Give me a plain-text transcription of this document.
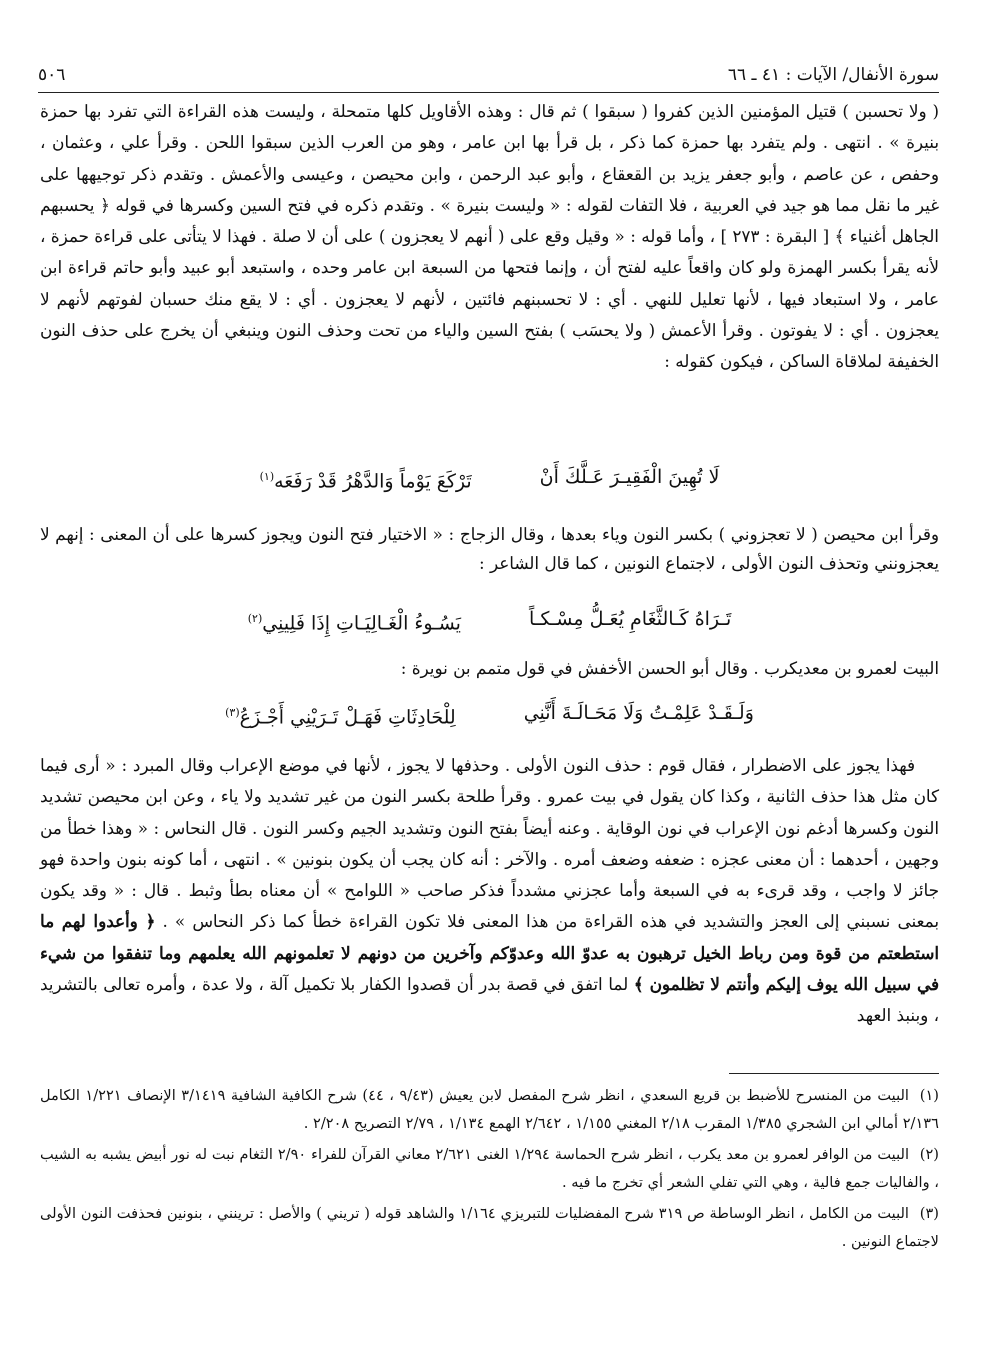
سورة الأنفال/ الآيات : ٤١ ـ ٦٦
٥٠٦

( ولا تحسبن ) قتيل المؤمنين الذين كفروا ( سبقوا ) ثم قال : وهذه الأقاويل كلها متمحلة ، وليست هذه القراءة التي تفرد بها حمزة بنيرة » . انتهى . ولم يتفرد بها حمزة كما ذكر ، بل قرأ بها ابن عامر ، وهو من العرب الذين سبقوا اللحن . وقرأ علي ، وعثمان ، وحفص ، عن عاصم ، وأبو جعفر يزيد بن القعقاع ، وأبو عبد الرحمن ، وابن محيصن ، وعيسى والأعمش . وتقدم ذكر توجيهها على غير ما نقل مما هو جيد في العربية ، فلا التفات لقوله : « وليست بنيرة » . وتقدم ذكره في فتح السين وكسرها في قوله ﴿ يحسبهم الجاهل أغنياء ﴾ [ البقرة : ٢٧٣ ] ، وأما قوله : « وقيل وقع على ( أنهم لا يعجزون ) على أن لا صلة . فهذا لا يتأتى على قراءة حمزة ، لأنه يقرأ بكسر الهمزة ولو كان واقعاً عليه لفتح أن ، وإنما فتحها من السبعة ابن عامر وحده ، واستبعد أبو عبيد وأبو حاتم قراءة ابن عامر ، ولا استبعاد فيها ، لأنها تعليل للنهي . أي : لا تحسبنهم فائتين ، لأنهم لا يعجزون . أي : لا يقع منك حسبان لفوتهم لأنهم لا يعجزون . أي : لا يفوتون . وقرأ الأعمش ( ولا يحسَب ) بفتح السين والياء من تحت وحذف النون وينبغي أن يخرج على حذف النون الخفيفة لملاقاة الساكن ، فيكون كقوله :

لَا تُهِينَ الْفَقِيـرَ عَـلَّكَ أَنْ
تَرْكَعَ يَوْماً وَالدَّهْرُ قَدْ رَفَعَه$^{(١)}$

وقرأ ابن محيصن ( لا تعجزوني ) بكسر النون وياء بعدها ، وقال الزجاج : « الاختيار فتح النون ويجوز كسرها على أن المعنى : إنهم لا يعجزونني وتحذف النون الأولى ، لاجتماع النونين ، كما قال الشاعر :

تَـرَاهُ كَـالثَّغَامِ يُعَـلُّ مِسْـكـاً
يَسُـوءُ الْغَـالِيَـاتِ إِذَا فَلِينِي$^{(٢)}$

البيت لعمرو بن معديكرب . وقال أبو الحسن الأخفش في قول متمم بن نويرة :

وَلَـقَـدْ عَلِمْـتُ وَلَا مَحَـالَـةَ أَنَّنِي
لِلْحَادِثَاتِ فَهَـلْ تَـرَيْنِي أَجْـزَعُ$^{(٣)}$

فهذا يجوز على الاضطرار ، فقال قوم : حذف النون الأولى . وحذفها لا يجوز ، لأنها في موضع الإعراب وقال المبرد : « أرى فيما كان مثل هذا حذف الثانية ، وكذا كان يقول في بيت عمرو . وقرأ طلحة بكسر النون من غير تشديد ولا ياء ، وعن ابن محيصن تشديد النون وكسرها أدغم نون الإعراب في نون الوقاية . وعنه أيضاً بفتح النون وتشديد الجيم وكسر النون . قال النحاس : « وهذا خطأ من وجهين ، أحدهما : أن معنى عجزه : ضعفه وضعف أمره . والآخر : أنه كان يجب أن يكون بنونين » . انتهى ، أما كونه بنون واحدة فهو جائز لا واجب ، وقد قرىء به في السبعة وأما عجزني مشدداً فذكر صاحب « اللوامح » أن معناه بطأ وثبط . قال : « وقد يكون بمعنى نسبني إلى العجز والتشديد في هذه القراءة من هذا المعنى فلا تكون القراءة خطأ كما ذكر النحاس » . ﴿ وأعدوا لهم ما استطعتم من قوة ومن رباط الخيل ترهبون به عدوّ الله وعدوّكم وآخرين من دونهم لا تعلمونهم الله يعلمهم وما تنفقوا من شيء في سبيل الله يوف إليكم وأنتم لا تظلمون ﴾ لما اتفق في قصة بدر أن قصدوا الكفار بلا تكميل آلة ، ولا عدة ، وأمره تعالى بالتشريد ، وبنبذ العهد

(١)البيت من المنسرح للأضبط بن قريع السعدي ، انظر شرح المفصل لابن يعيش (٩/٤٣ ، ٤٤) شرح الكافية الشافية ٣/١٤١٩ الإنصاف ١/٢٢١ الكامل ٢/١٣٦ أمالي ابن الشجري ١/٣٨٥ المقرب ٢/١٨ المغني ١/١٥٥ ، ٢/٦٤٢ الهمع ١/١٣٤ ، ٢/٧٩ التصريح ٢/٢٠٨ .

(٢)البيت من الوافر لعمرو بن معد يكرب ، انظر شرح الحماسة ١/٢٩٤ الغنى ٢/٦٢١ معاني القرآن للفراء ٢/٩٠ الثغام نبت له نور أبيض يشبه به الشيب ، والفاليات جمع فالية ، وهي التي تفلي الشعر أي تخرج ما فيه .

(٣)البيت من الكامل ، انظر الوساطة ص ٣١٩ شرح المفضليات للتبريزي ١/١٦٤ والشاهد قوله ( تريني ) والأصل : ترينني ، بنونين فحذفت النون الأولى لاجتماع النونين .
